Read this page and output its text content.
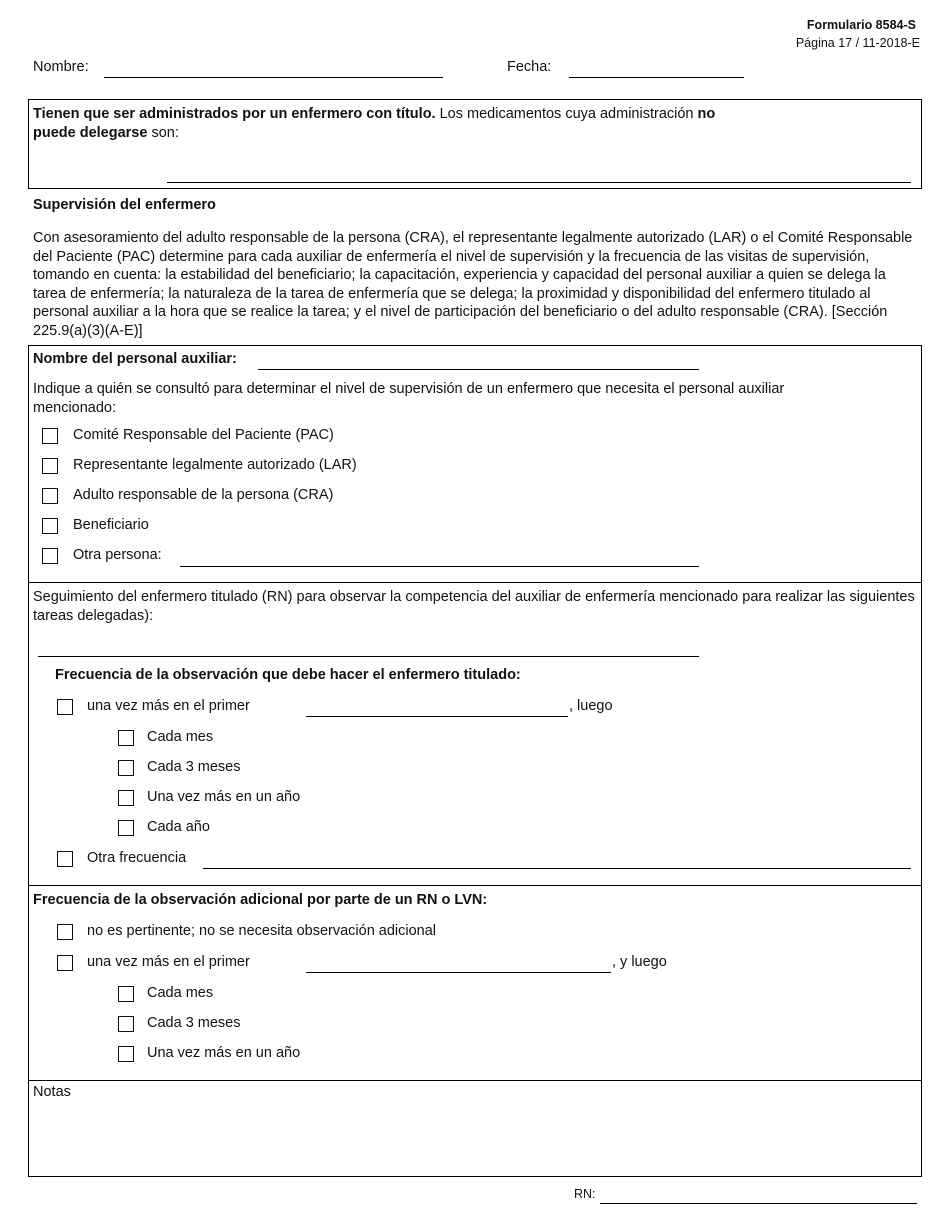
Formulario 8584-S
Página 17 / 11-2018-E
Nombre:	Fecha:
Tienen que ser administrados por un enfermero con título. Los medicamentos cuya administración no
puede delegarse son:
Supervisión del enfermero
Con asesoramiento del adulto responsable de la persona (CRA), el representante legalmente autorizado (LAR) o el Comité Responsable del Paciente (PAC) determine para cada auxiliar de enfermería el nivel de supervisión y la frecuencia de las visitas de supervisión, tomando en cuenta: la estabilidad del beneficiario; la capacitación, experiencia y capacidad del personal auxiliar a quien se delega la tarea de enfermería; la naturaleza de la tarea de enfermería que se delega; la proximidad y disponibilidad del enfermero titulado al personal auxiliar a la hora que se realice la tarea; y el nivel de participación del beneficiario o del adulto responsable (CRA). [Sección 225.9(a)(3)(A-E)]
Nombre del personal auxiliar:
Indique a quién se consultó para determinar el nivel de supervisión de un enfermero que necesita el personal auxiliar mencionado:
Comité Responsable del Paciente (PAC)
Representante legalmente autorizado (LAR)
Adulto responsable de la persona (CRA)
Beneficiario
Otra persona:
Seguimiento del enfermero titulado (RN) para observar la competencia del auxiliar de enfermería mencionado para realizar las siguientes tareas delegadas):
Frecuencia de la observación que debe hacer el enfermero titulado:
una vez más en el primer	, luego
Cada mes
Cada 3 meses
Una vez más en un año
Cada año
Otra frecuencia
Frecuencia de la observación adicional por parte de un RN o LVN:
no es pertinente; no se necesita observación adicional
una vez más en el primer	, y luego
Cada mes
Cada 3 meses
Una vez más en un año
Notas
RN:
